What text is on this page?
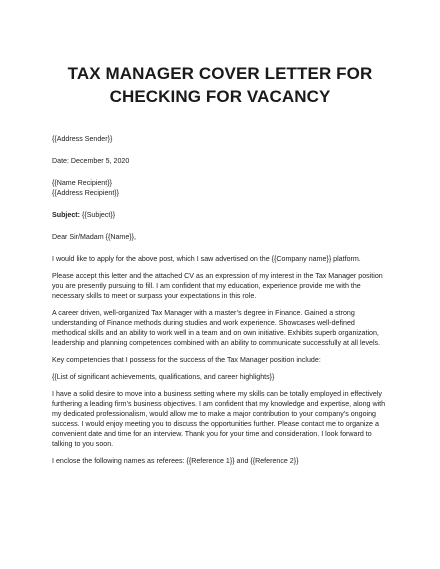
TAX MANAGER COVER LETTER FOR
CHECKING FOR VACANCY

{{Address Sender}}

Date: December 5, 2020

{{Name Recipient}}

{{Address Recipient}}

Subject: {{Subject}}

Dear Sir/Madam {{Name}},

I would like to apply for the above post, which I saw advertised on the {{Company name}} platform.

Please accept this letter and the attached CV as an expression of my interest in the Tax Manager position you are presently pursuing to fill. I am confident that my education, experience provide me with the necessary skills to meet or surpass your expectations in this role.

A career driven, well-organized Tax Manager with a master’s degree in Finance. Gained a strong understanding of Finance methods during studies and work experience. Showcases well-defined methodical skills and an ability to work well in a team and on own initiative. Exhibits superb organization, leadership and planning competences combined with an ability to communicate successfully at all levels.

Key competencies that I possess for the success of the Tax Manager position include:

{{List of significant achievements, qualifications, and career highlights}}

I have a solid desire to move into a business setting where my skills can be totally employed in effectively furthering a leading firm’s business objectives. I am confident that my knowledge and expertise, along with my dedicated professionalism, would allow me to make a major contribution to your company’s ongoing success. I would enjoy meeting you to discuss the opportunities further. Please contact me to organize a convenient date and time for an interview. Thank you for your time and consideration. I look forward to talking to you soon.

I enclose the following names as referees: {{Reference 1}} and {{Reference 2}}
